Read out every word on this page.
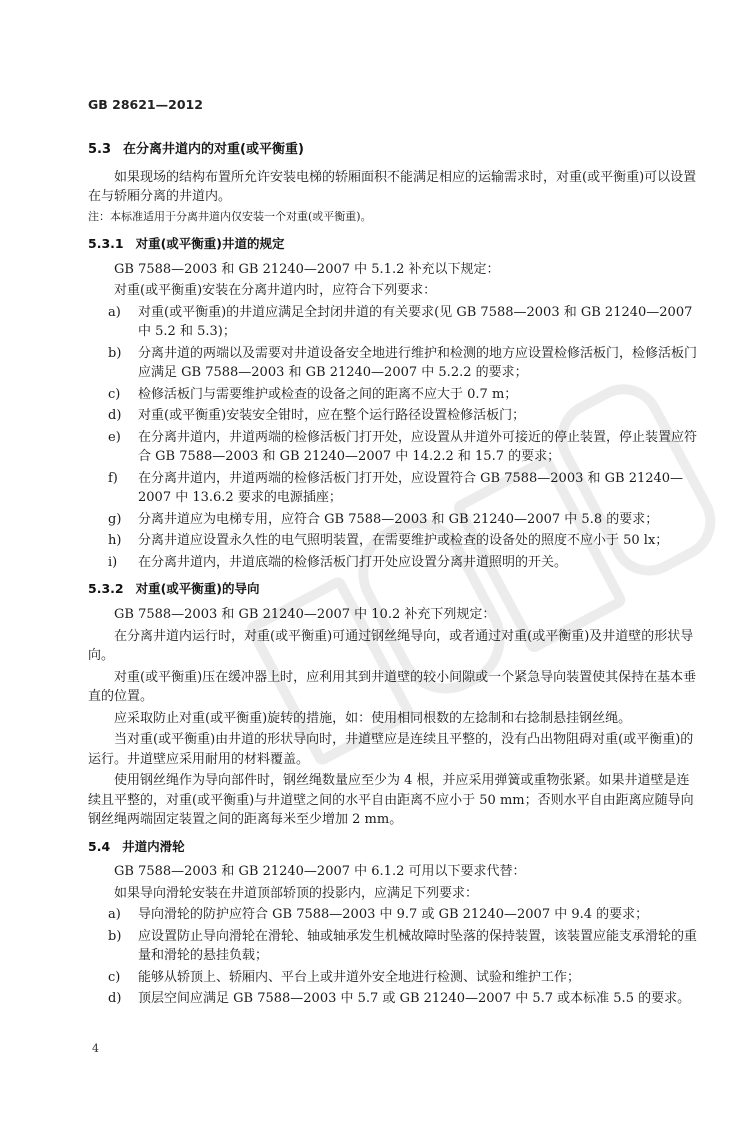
GB 28621—2012
5.3 在分离井道内的对重(或平衡重)

如果现场的结构布置所允许安装电梯的轿厢面积不能满足相应的运输需求时，对重(或平衡重)可以设置在与轿厢分离的井道内。

注：本标准适用于分离井道内仅安装一个对重(或平衡重)。

5.3.1 对重(或平衡重)井道的规定

GB 7588—2003 和 GB 21240—2007 中 5.1.2 补充以下规定：

对重(或平衡重)安装在分离井道内时，应符合下列要求：

a)	对重(或平衡重)的井道应满足全封闭井道的有关要求(见 GB 7588—2003 和 GB 21240—2007 中 5.2 和 5.3)；
b)	分离井道的两端以及需要对井道设备安全地进行维护和检测的地方应设置检修活板门，检修活板门应满足 GB 7588—2003 和 GB 21240—2007 中 5.2.2 的要求；
c)	检修活板门与需要维护或检查的设备之间的距离不应大于 0.7 m；
d)	对重(或平衡重)安装安全钳时，应在整个运行路径设置检修活板门；
e)	在分离井道内，井道两端的检修活板门打开处，应设置从井道外可接近的停止装置，停止装置应符合 GB 7588—2003 和 GB 21240—2007 中 14.2.2 和 15.7 的要求；
f)	在分离井道内，井道两端的检修活板门打开处，应设置符合 GB 7588—2003 和 GB 21240—2007 中 13.6.2 要求的电源插座；
g)	分离井道应为电梯专用，应符合 GB 7588—2003 和 GB 21240—2007 中 5.8 的要求；
h)	分离井道应设置永久性的电气照明装置，在需要维护或检查的设备处的照度不应小于 50 lx；
i)	在分离井道内，井道底端的检修活板门打开处应设置分离井道照明的开关。
5.3.2 对重(或平衡重)的导向

GB 7588—2003 和 GB 21240—2007 中 10.2 补充下列规定：

在分离井道内运行时，对重(或平衡重)可通过钢丝绳导向，或者通过对重(或平衡重)及井道壁的形状导向。

对重(或平衡重)压在缓冲器上时，应利用其到井道壁的较小间隙或一个紧急导向装置使其保持在基本垂直的位置。

应采取防止对重(或平衡重)旋转的措施，如：使用相同根数的左捻制和右捻制悬挂钢丝绳。

当对重(或平衡重)由井道的形状导向时，井道壁应是连续且平整的，没有凸出物阻碍对重(或平衡重)的运行。井道壁应采用耐用的材料覆盖。

使用钢丝绳作为导向部件时，钢丝绳数量应至少为 4 根，并应采用弹簧或重物张紧。如果井道壁是连续且平整的，对重(或平衡重)与井道壁之间的水平自由距离不应小于 50 mm；否则水平自由距离应随导向钢丝绳两端固定装置之间的距离每米至少增加 2 mm。

5.4 井道内滑轮

GB 7588—2003 和 GB 21240—2007 中 6.1.2 可用以下要求代替：

如果导向滑轮安装在井道顶部轿顶的投影内，应满足下列要求：

a)	导向滑轮的防护应符合 GB 7588—2003 中 9.7 或 GB 21240—2007 中 9.4 的要求；
b)	应设置防止导向滑轮在滑轮、轴或轴承发生机械故障时坠落的保持装置，该装置应能支承滑轮的重量和滑轮的悬挂负载；
c)	能够从轿顶上、轿厢内、平台上或井道外安全地进行检测、试验和维护工作；
d)	顶层空间应满足 GB 7588—2003 中 5.7 或 GB 21240—2007 中 5.7 或本标准 5.5 的要求。
4
